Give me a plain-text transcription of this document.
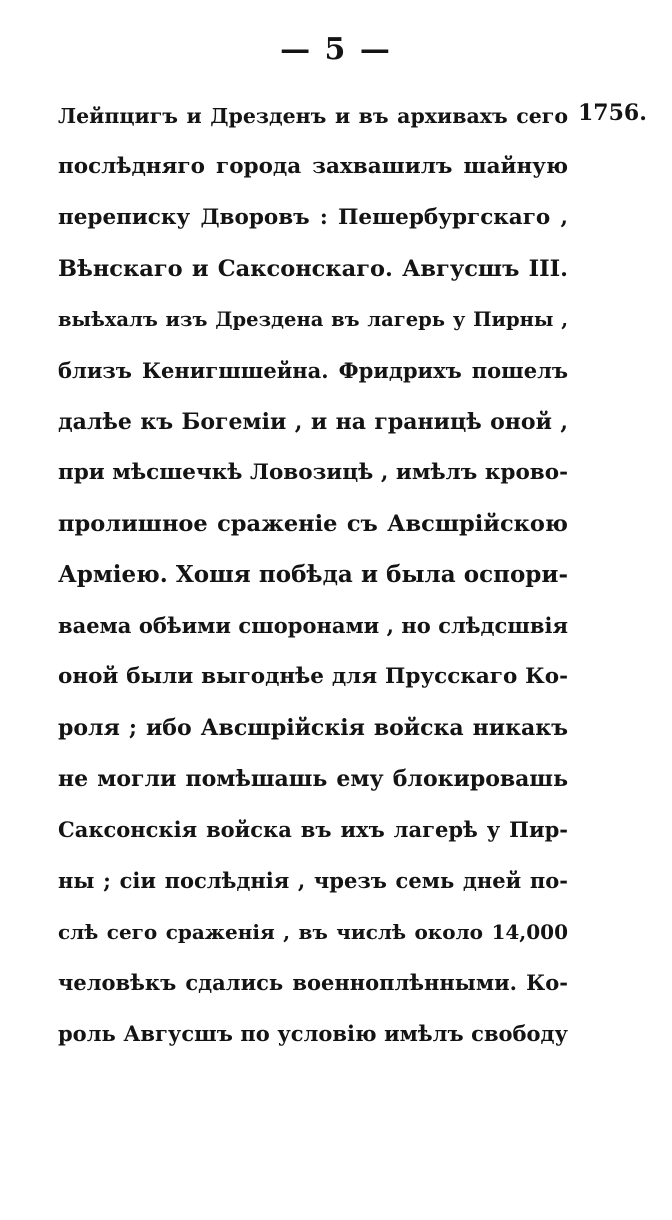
— 5 —
1756.
Лейпцигъ и Дрезденъ и въ архивахъ сего
послѣдняго города захвашилъ шайную
переписку Дворовъ : Пешербургскаго ,
Вѣнскаго и Саксонскаго. Авгусшъ III.
выѣхалъ изъ Дрездена въ лагерь у Пирны ,
близъ Кенигшшейна. Фридрихъ пошелъ
далѣе къ Богеміи , и на границѣ оной ,
при мѣсшечкѣ Ловозицѣ , имѣлъ крово-
пролишное сраженіе съ Авсшрійскою
Арміею. Хошя побѣда и была оспори-
ваема обѣими сшоронами , но слѣдсшвія
оной были выгоднѣе для Прусскаго Ко-
роля ; ибо Авсшрійскія войска никакъ
не могли помѣшашь ему блокировашь
Саксонскія войска въ ихъ лагерѣ у Пир-
ны ; сіи послѣднія , чрезъ семь дней по-
слѣ сего сраженія , въ числѣ около 14,000
человѣкъ сдались военноплѣнными. Ко-
роль Авгусшъ по условію имѣлъ свободу
